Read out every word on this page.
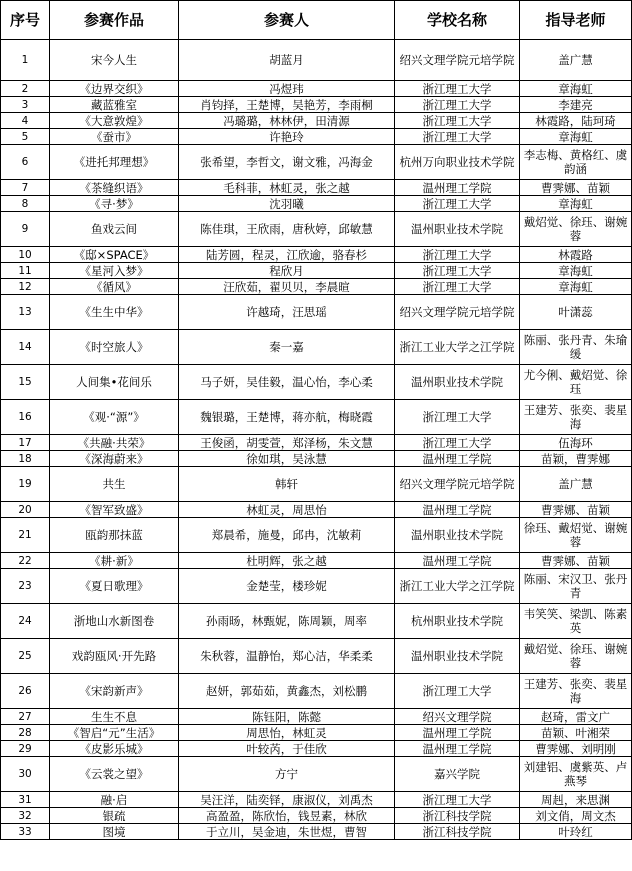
序号	参赛作品	参赛人	学校名称	指导老师
1	宋今人生	胡蓝月	绍兴文理学院元培学院	盖广慧
2	《边界交织》	冯煜玮	浙江理工大学	章海虹
3	藏蓝雅室	肖钧择，王楚博，吴艳芳，李雨桐	浙江理工大学	李建亮
4	《大意敦煌》	冯璐璐，林林伊，田清源	浙江理工大学	林霞路，陆珂琦
5	《蚕市》	许艳玲	浙江理工大学	章海虹
6	《进托邦理想》	张希望，李哲文，谢文雅，冯海金	杭州万向职业技术学院	李志梅、黄格红、虞韵涵
7	《茶缝织语》	毛科菲，林虹灵，张之越	温州理工学院	曹霁娜、苗颖
8	《寻·梦》	沈羽曦	浙江理工大学	章海虹
9	鱼戏云间	陈佳琪，王欣雨，唐秋婷，邱敏慧	温州职业技术学院	戴炤觉、徐珏、谢婉蓉
10	《邸×SPACE》	陆芳圆，程灵，江欣逾，骆春杉	浙江理工大学	林霞路
11	《星河入梦》	程欣月	浙江理工大学	章海虹
12	《循风》	汪欣茹，翟贝贝，李晨暄	浙江理工大学	章海虹
13	《生生中华》	许越琦，汪思瑶	绍兴文理学院元培学院	叶潇蕊
14	《时空旅人》	秦一嘉	浙江工业大学之江学院	陈丽、张丹青、朱瑜缓
15	人间集•花间乐	马子妍，吴佳毅，温心怡，李心柔	温州职业技术学院	尤今俐、戴炤觉、徐珏
16	《观·“源”》	魏银璐，王楚博，蒋亦航，梅晓霞	浙江理工大学	王建芳、张奕、裴星海
17	《共融·共荣》	王俊函，胡雯萱，郑泽杨，朱文慧	浙江理工大学	伍海环
18	《深海蔚来》	徐如琪，吴泳慧	温州理工学院	苗颖，曹霁娜
19	共生	韩轩	绍兴文理学院元培学院	盖广慧
20	《智军致盛》	林虹灵，周思怡	温州理工学院	曹霁娜、苗颖
21	瓯韵那抹蓝	郑晨希，施曼，邱冉，沈敏莉	温州职业技术学院	徐珏、戴炤觉、谢婉蓉
22	《耕·新》	杜明辉，张之越	温州理工学院	曹霁娜、苗颖
23	《夏日歌理》	金楚莹，楼珍妮	浙江工业大学之江学院	陈丽、宋汉卫、张丹青
24	浙地山水新图卷	孙雨旸，林甄妮，陈周颖，周率	杭州职业技术学院	韦笑笑、梁凯、陈素英
25	戏韵瓯风·开先路	朱秋蓉，温静怡，郑心洁，华柔柔	温州职业技术学院	戴炤觉、徐珏、谢婉蓉
26	《宋韵新声》	赵妍，郭茹茹，黄鑫杰，刘松鹏	浙江理工大学	王建芳、张奕、裴星海
27	生生不息	陈钰阳，陈懿	绍兴文理学院	赵琦，雷文广
28	《智启“元”生活》	周思怡，林虹灵	温州理工学院	苗颖、叶湘荣
29	《皮影乐城》	叶较芮，于佳欣	温州理工学院	曹霁娜、刘明刚
30	《云裳之望》	方宁	嘉兴学院	刘建铝、虞紫英、卢燕琴
31	融·启	吴汪洋，陆奕铎，康淑仪，刘禹杰	浙江理工大学	周赳，来思渊
32	银疏	高盈盈，陈欣怡，钱昱素，林欣	浙江科技学院	刘文俏，周文杰
33	图境	于立川，吴金迪，朱世煜，曹智	浙江科技学院	叶玲红
